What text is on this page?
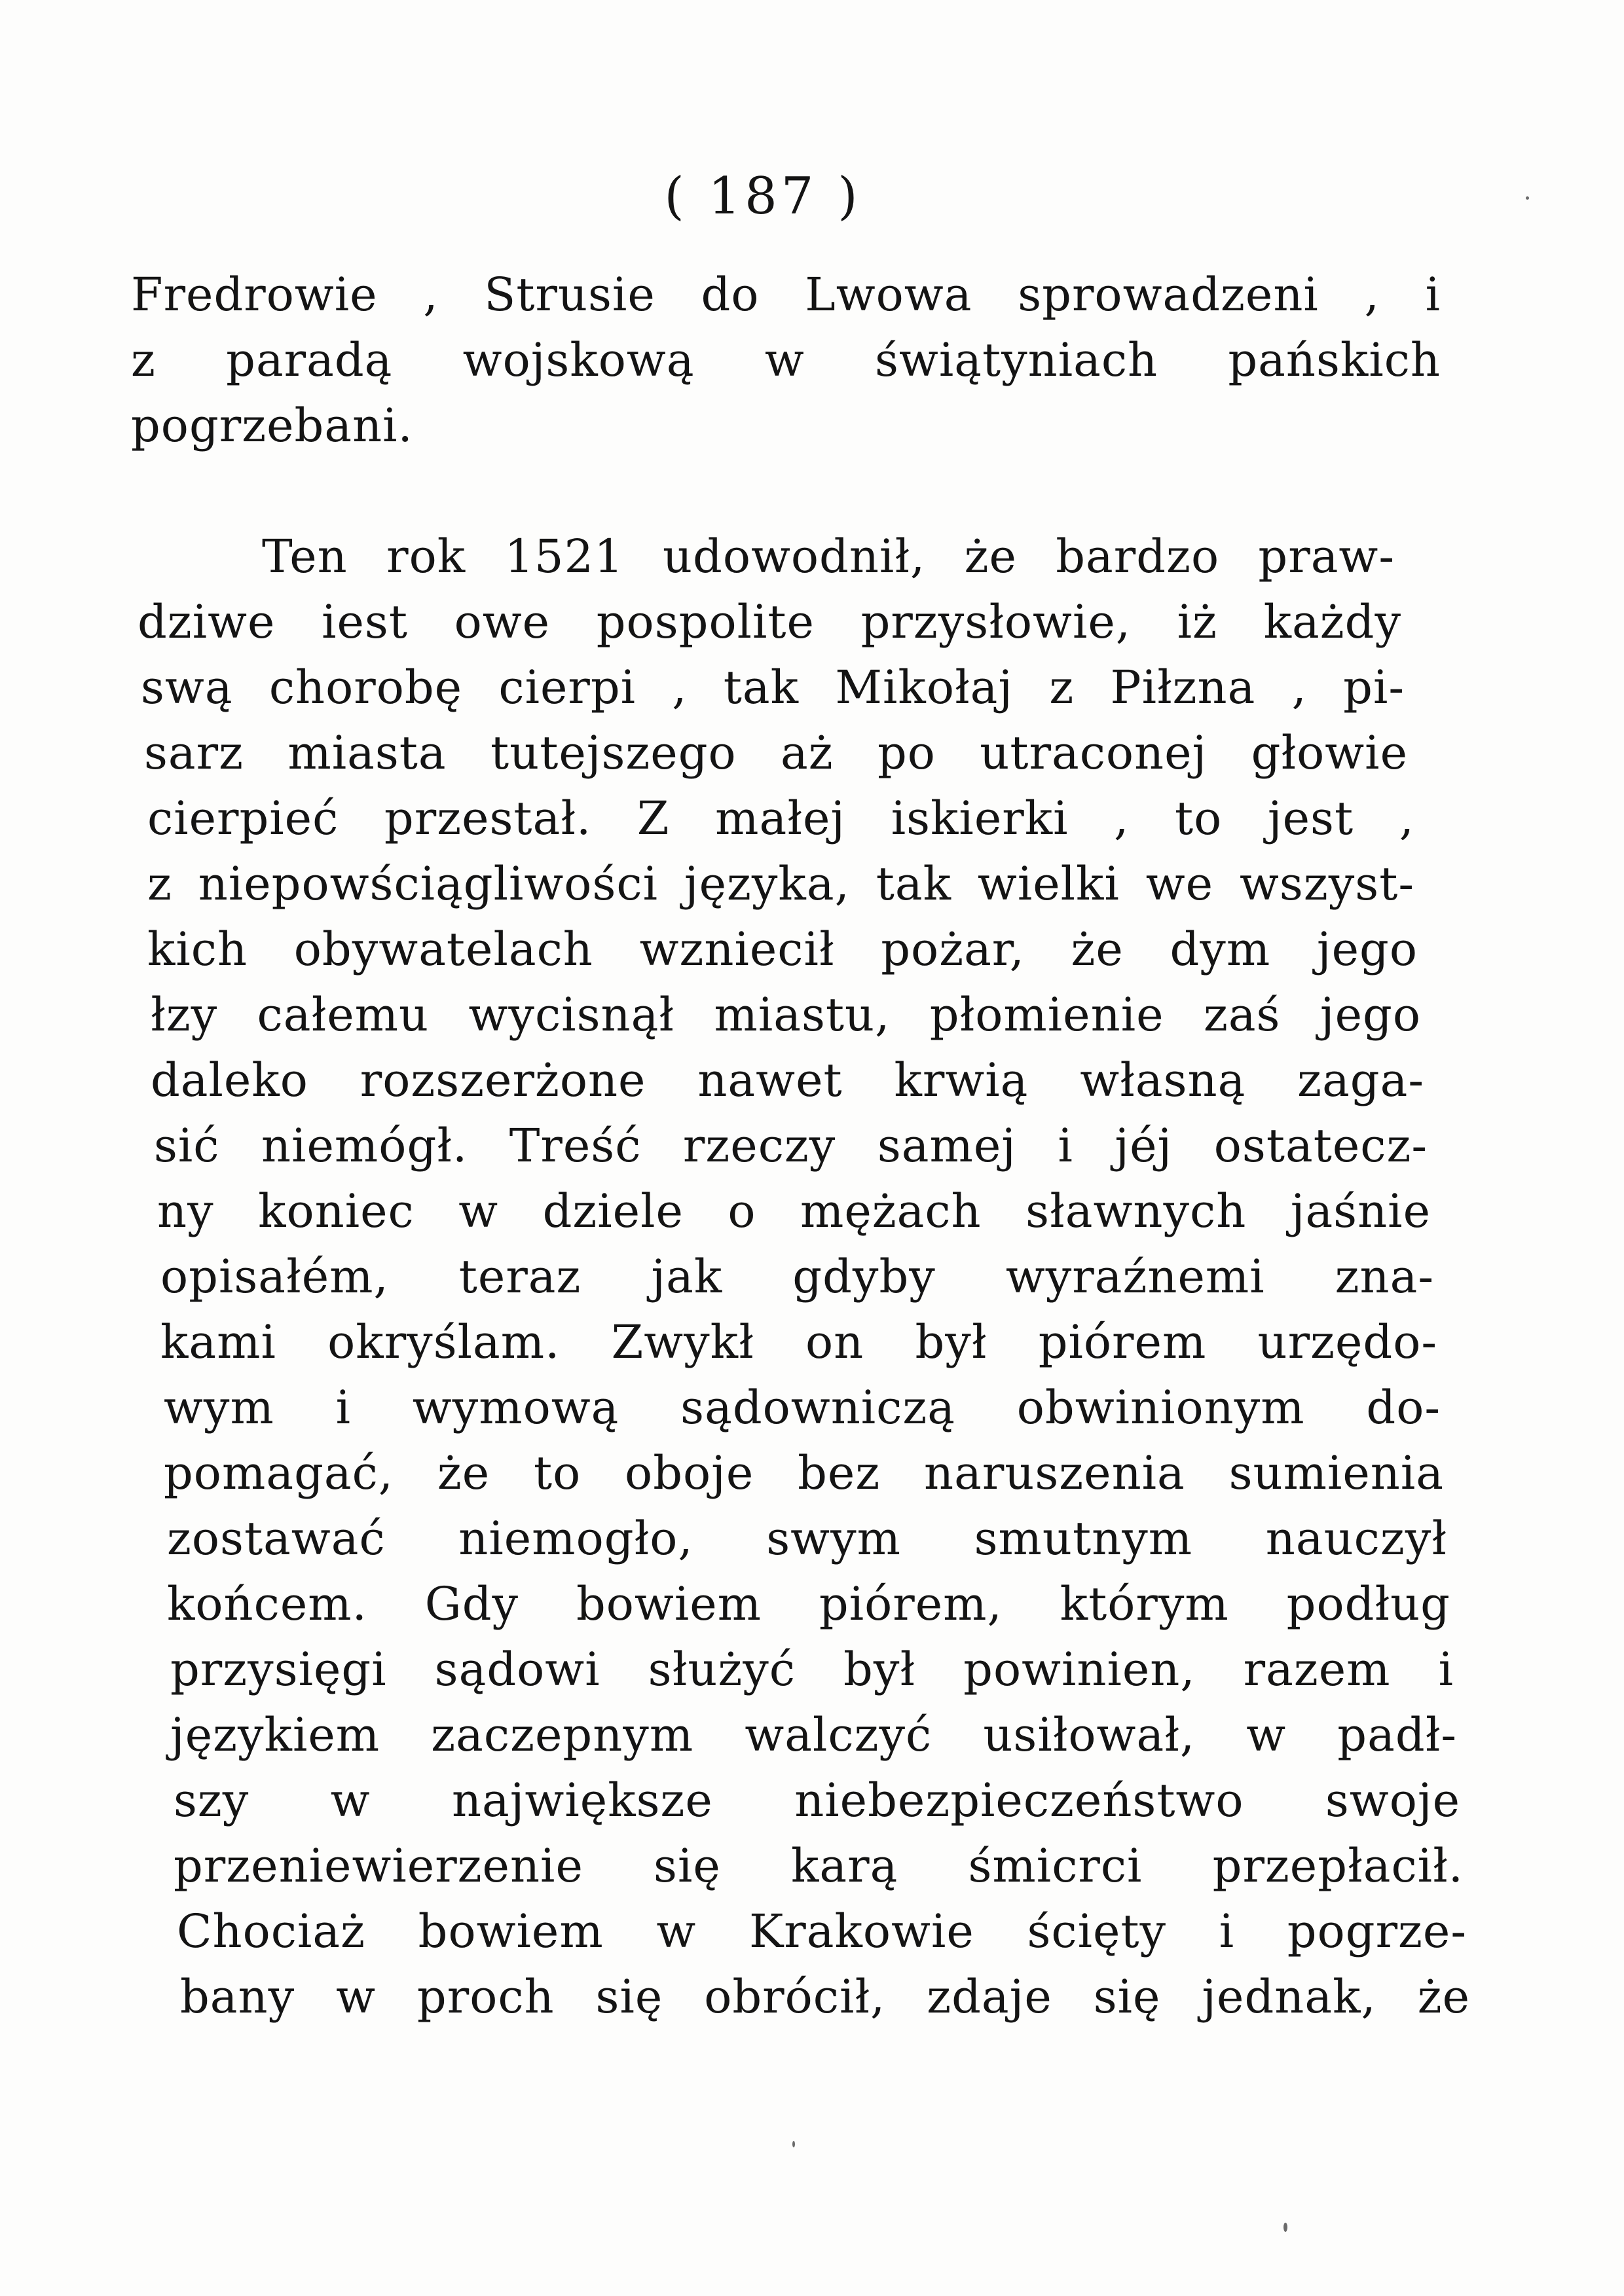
( 187 )
Fredrowie , Strusie do Lwowa sprowadzeni , i
z paradą wojskową w świątyniach pańskich
pogrzebani.
Ten rok 1521 udowodnił, że bardzo praw-
dziwe iest owe pospolite przysłowie, iż każdy
swą chorobę cierpi , tak Mikołaj z Piłzna , pi-
sarz miasta tutejszego aż po utraconej głowie
cierpieć przestał. Z małej iskierki , to jest ,
z niepowściągliwości języka, tak wielki we wszyst-
kich obywatelach wzniecił pożar, że dym jego
łzy całemu wycisnął miastu, płomienie zaś jego
daleko rozszerżone nawet krwią własną zaga-
sić niemógł. Treść rzeczy samej i jéj ostatecz-
ny koniec w dziele o mężach sławnych jaśnie
opisałém, teraz jak gdyby wyraźnemi zna-
kami okryślam. Zwykł on był piórem urzędo-
wym i wymową sądowniczą obwinionym do-
pomagać, że to oboje bez naruszenia sumienia
zostawać niemogło, swym smutnym nauczył
końcem. Gdy bowiem piórem, którym podług
przysięgi sądowi służyć był powinien, razem i
językiem zaczepnym walczyć usiłował, w padł-
szy w największe niebezpieczeństwo swoje
przeniewierzenie się karą śmicrci przepłacił.
Chociaż bowiem w Krakowie ścięty i pogrze-
bany w proch się obrócił, zdaje się jednak, że
